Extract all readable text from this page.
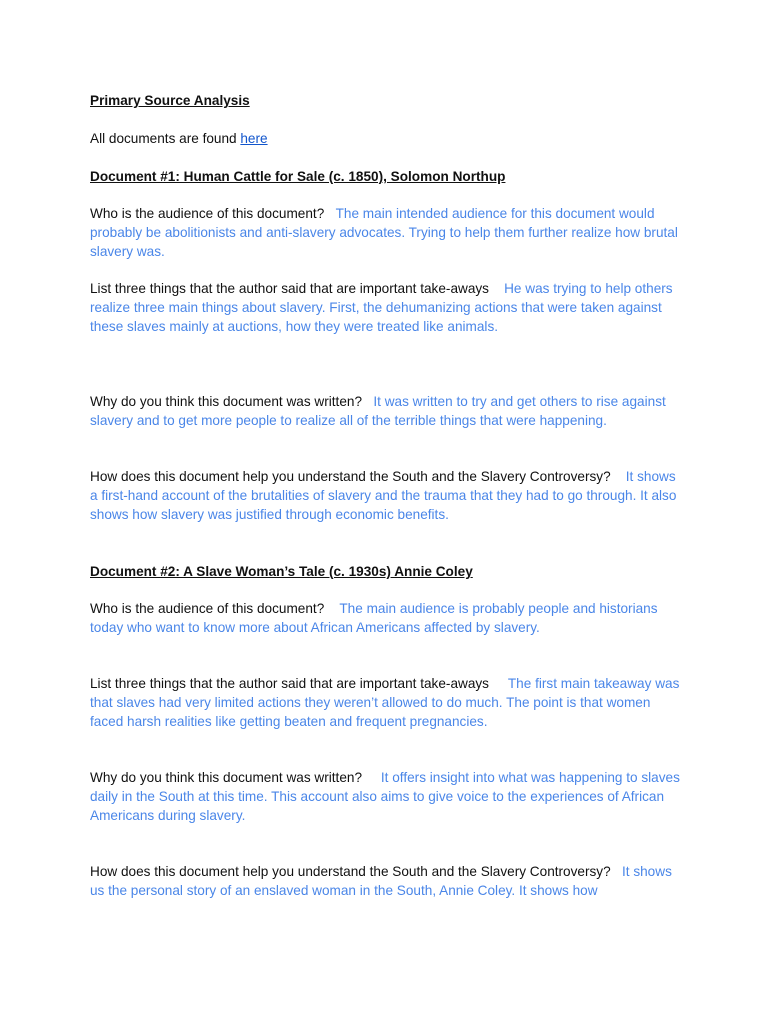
Primary Source Analysis

All documents are found here

Document #1: Human Cattle for Sale (c. 1850), Solomon Northup

Who is the audience of this document? The main intended audience for this document would probably be abolitionists and anti-slavery advocates. Trying to help them further realize how brutal slavery was.

List three things that the author said that are important take-aways He was trying to help others realize three main things about slavery. First, the dehumanizing actions that were taken against these slaves mainly at auctions, how they were treated like animals.

Why do you think this document was written? It was written to try and get others to rise against slavery and to get more people to realize all of the terrible things that were happening.

How does this document help you understand the South and the Slavery Controversy? It shows a first-hand account of the brutalities of slavery and the trauma that they had to go through. It also shows how slavery was justified through economic benefits.

Document #2: A Slave Woman’s Tale (c. 1930s) Annie Coley

Who is the audience of this document? The main audience is probably people and historians today who want to know more about African Americans affected by slavery.

List three things that the author said that are important take-aways The first main takeaway was that slaves had very limited actions they weren’t allowed to do much. The point is that women faced harsh realities like getting beaten and frequent pregnancies.

Why do you think this document was written? It offers insight into what was happening to slaves daily in the South at this time. This account also aims to give voice to the experiences of African Americans during slavery.

How does this document help you understand the South and the Slavery Controversy? It shows us the personal story of an enslaved woman in the South, Annie Coley. It shows how
